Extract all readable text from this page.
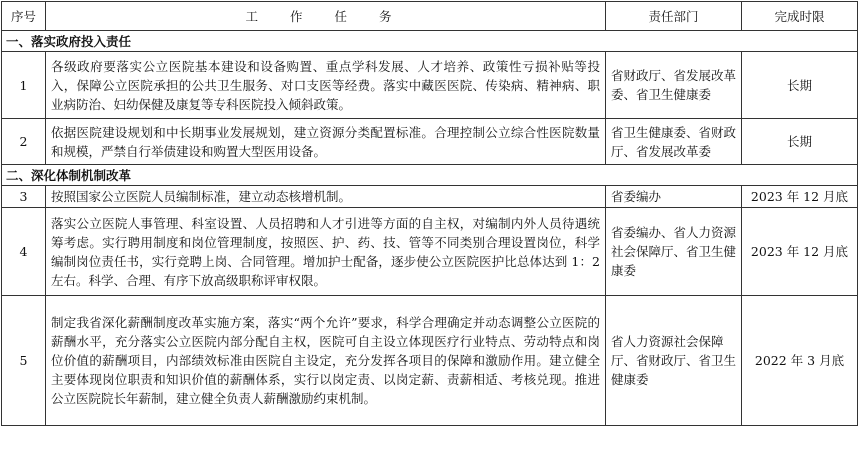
序号	工 作 任 务	责任部门	完成时限
一、落实政府投入责任			
1	各级政府要落实公立医院基本建设和设备购置、重点学科发展、人才培养、政策性亏损补贴等投入，保障公立医院承担的公共卫生服务、对口支医等经费。落实中藏医医院、传染病、精神病、职业病防治、妇幼保健及康复等专科医院投入倾斜政策。	省财政厅、省发展改革委、省卫生健康委	长期
2	依据医院建设规划和中长期事业发展规划，建立资源分类配置标准。合理控制公立综合性医院数量和规模，严禁自行举债建设和购置大型医用设备。	省卫生健康委、省财政厅、省发展改革委	长期
二、深化体制机制改革			
3	按照国家公立医院人员编制标准，建立动态核增机制。	省委编办	2023 年 12 月底
4	落实公立医院人事管理、科室设置、人员招聘和人才引进等方面的自主权，对编制内外人员待遇统筹考虑。实行聘用制度和岗位管理制度，按照医、护、药、技、管等不同类别合理设置岗位，科学编制岗位责任书，实行竞聘上岗、合同管理。增加护士配备，逐步使公立医院医护比总体达到 1：2 左右。科学、合理、有序下放高级职称评审权限。	省委编办、省人力资源社会保障厅、省卫生健康委	2023 年 12 月底
5	制定我省深化薪酬制度改革实施方案，落实“两个允许”要求，科学合理确定并动态调整公立医院的薪酬水平，充分落实公立医院内部分配自主权，医院可自主设立体现医疗行业特点、劳动特点和岗位价值的薪酬项目，内部绩效标准由医院自主设定，充分发挥各项目的保障和激励作用。建立健全主要体现岗位职责和知识价值的薪酬体系，实行以岗定责、以岗定薪、责薪相适、考核兑现。推进公立医院院长年薪制，建立健全负责人薪酬激励约束机制。	省人力资源社会保障厅、省财政厅、省卫生健康委	2022 年 3 月底
